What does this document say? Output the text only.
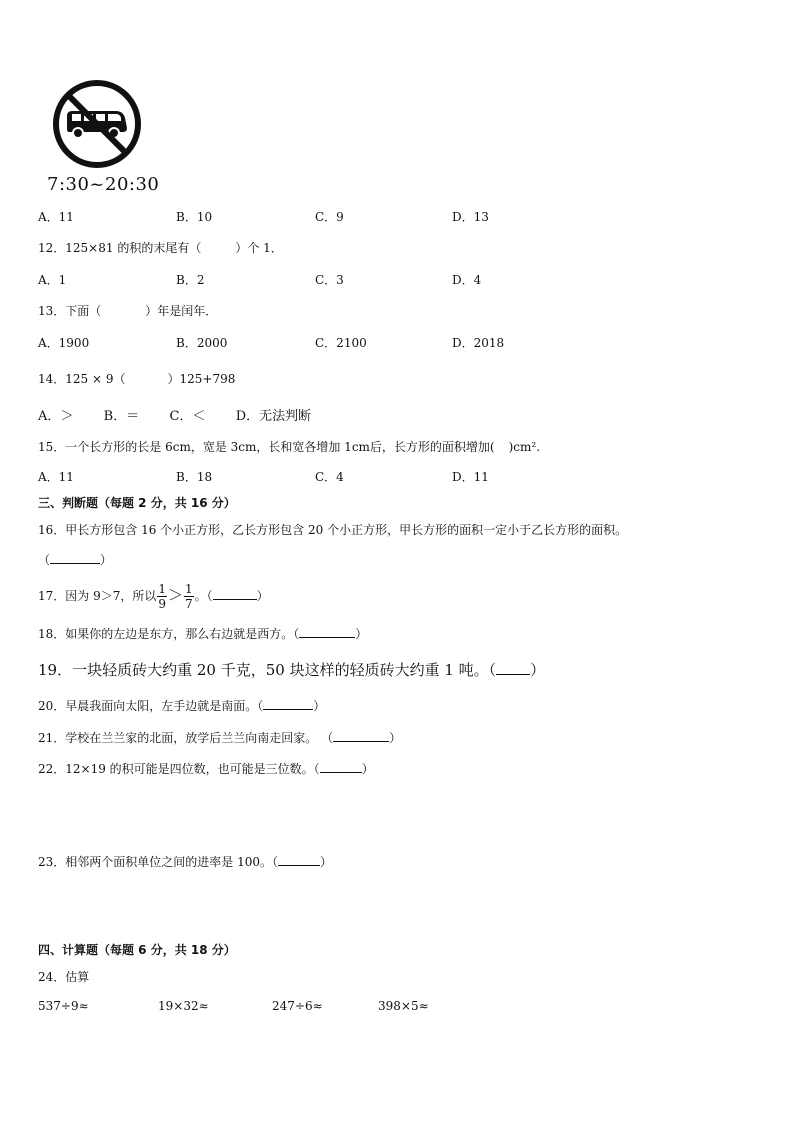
7:30~20:30
A．11	B．10	C．9	D．13
12．125×81 的积的末尾有（	）个 1．
A．1	B．2	C．3	D．4
13．下面（	）年是闰年．
A．1900	B．2000	C．2100	D．2018
14．125 × 9（	）125+798
A．＞ B．＝ C．＜ D．无法判断
15．一个长方形的长是 6cm，宽是 3cm，长和宽各增加 1cm后，长方形的面积增加( )cm².
A．11	B．18	C．4	D．11
三、判断题（每题 2 分，共 16 分）
16．甲长方形包含 16 个小正方形，乙长方形包含 20 个小正方形，甲长方形的面积一定小于乙长方形的面积。
（	）
17．因为 9＞7，所以 $\frac{1}{9} > \frac{1}{7}$ 。（	）
18．如果你的左边是东方，那么右边就是西方。（	）
19．一块轻质砖大约重 20 千克，50 块这样的轻质砖大约重 1 吨。（ ）
20．早晨我面向太阳，左手边就是南面。（	）
21．学校在兰兰家的北面，放学后兰兰向南走回家。 （	）
22．12×19 的积可能是四位数，也可能是三位数。（	）
23．相邻两个面积单位之间的进率是 100。（	）
四、计算题（每题 6 分，共 18 分）
24．估算
537÷9≈	19×32≈	247÷6≈	398×5≈
